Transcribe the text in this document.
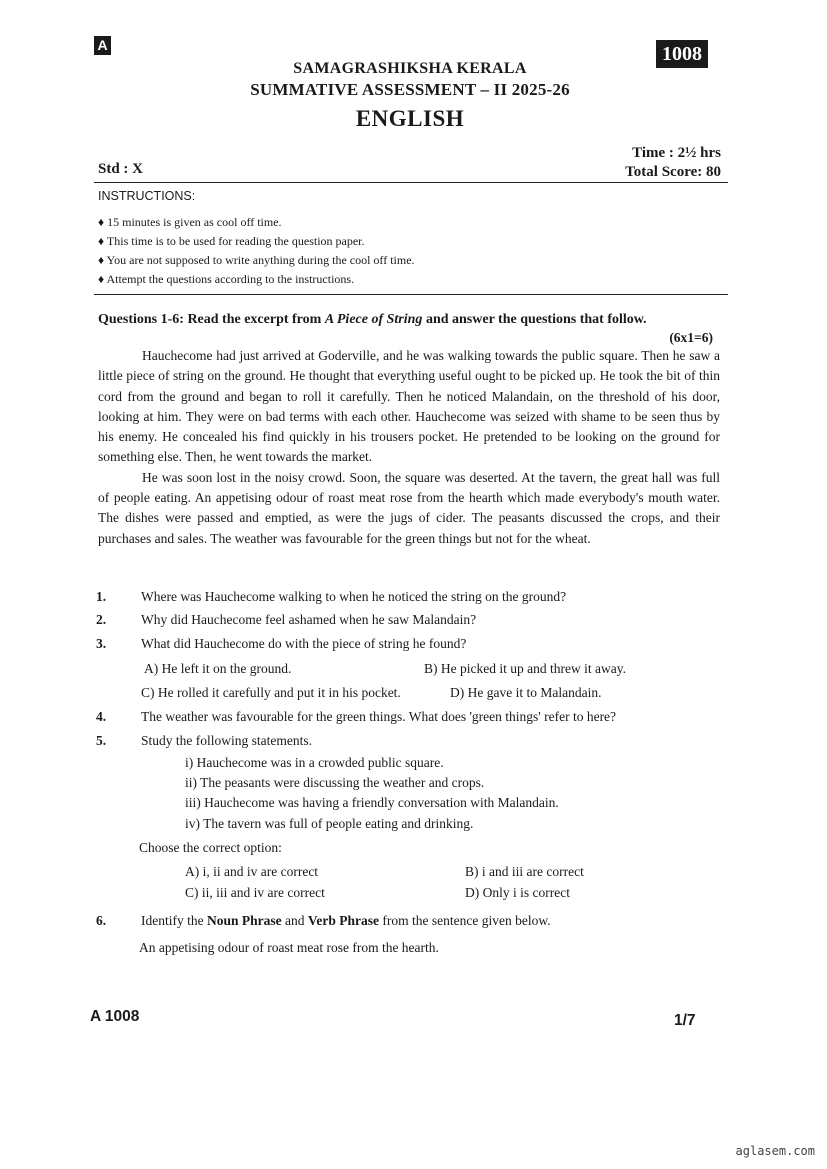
A	1008
SAMAGRASHIKSHA KERALA
SUMMATIVE ASSESSMENT – II 2025-26
ENGLISH
Time : 2½ hrs
Total Score: 80
Std : X
INSTRUCTIONS:
♦ 15 minutes is given as cool off time.
♦ This time is to be used for reading the question paper.
♦ You are not supposed to write anything during the cool off time.
♦ Attempt the questions according to the instructions.
Questions 1-6: Read the excerpt from A Piece of String and answer the questions that follow.
(6x1=6)

Hauchecome had just arrived at Goderville, and he was walking towards the public square. Then he saw a little piece of string on the ground. He thought that everything useful ought to be picked up. He took the bit of thin cord from the ground and began to roll it carefully. Then he noticed Malandain, on the threshold of his door, looking at him. They were on bad terms with each other. Hauchecome was seized with shame to be seen thus by his enemy. He concealed his find quickly in his trousers pocket. He pretended to be looking on the ground for something else. Then, he went towards the market.

He was soon lost in the noisy crowd. Soon, the square was deserted. At the tavern, the great hall was full of people eating. An appetising odour of roast meat rose from the hearth which made everybody's mouth water. The dishes were passed and emptied, as were the jugs of cider. The peasants discussed the crops, and their purchases and sales. The weather was favourable for the green things but not for the wheat.

1.	Where was Hauchecome walking to when he noticed the string on the ground?
2.	Why did Hauchecome feel ashamed when he saw Malandain?
3.	What did Hauchecome do with the piece of string he found?
A) He left it on the ground.	B) He picked it up and threw it away.
C) He rolled it carefully and put it in his pocket.	D) He gave it to Malandain.
4.	The weather was favourable for the green things. What does 'green things' refer to here?
5.	Study the following statements.
i) Hauchecome was in a crowded public square.
ii) The peasants were discussing the weather and crops.
iii) Hauchecome was having a friendly conversation with Malandain.
iv) The tavern was full of people eating and drinking.
Choose the correct option:
A) i, ii and iv are correct	B) i and iii are correct
C) ii, iii and iv are correct	D) Only i is correct
6.	Identify the Noun Phrase and Verb Phrase from the sentence given below.
An appetising odour of roast meat rose from the hearth.
A 1008	1/7
aglasem.com
